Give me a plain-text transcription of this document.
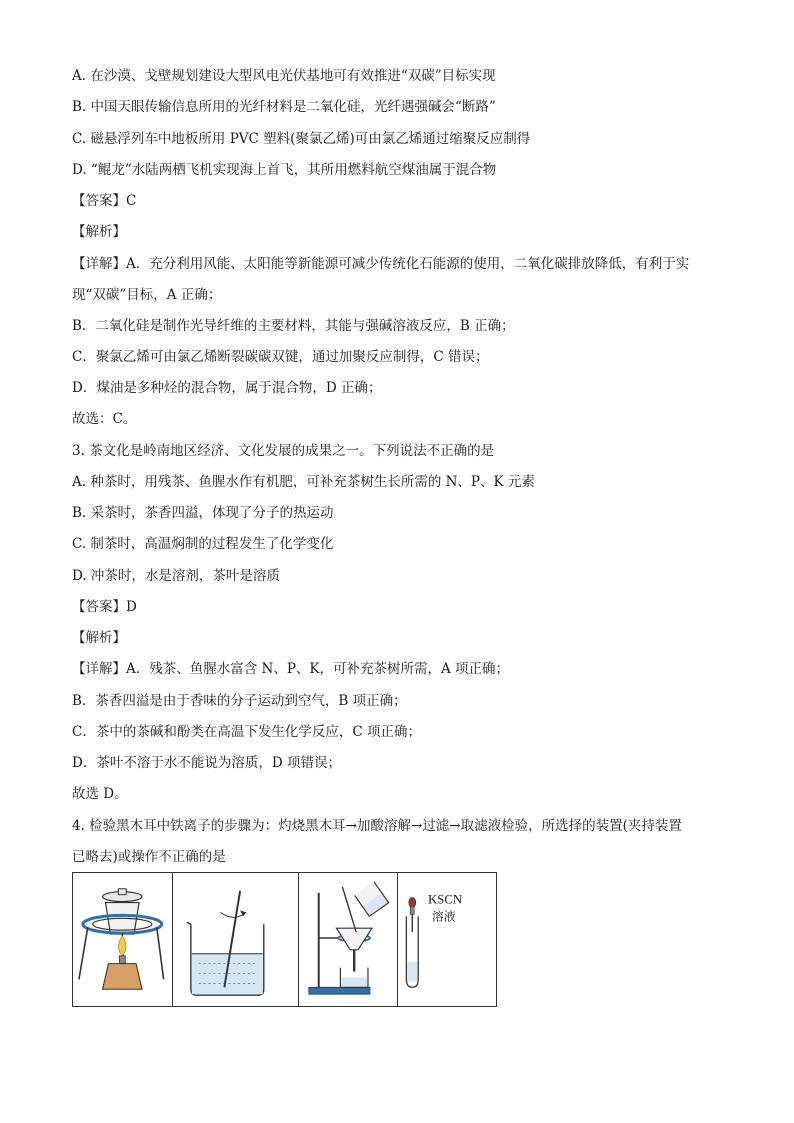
A. 在沙漠、戈壁规划建设大型风电光伏基地可有效推进“双碳”目标实现
B. 中国天眼传输信息所用的光纤材料是二氧化硅，光纤遇强碱会“断路”
C. 磁悬浮列车中地板所用 PVC 塑料(聚氯乙烯)可由氯乙烯通过缩聚反应制得
D. “鲲龙”水陆两栖飞机实现海上首飞，其所用燃料航空煤油属于混合物
【答案】C
【解析】
【详解】A．充分利用风能、太阳能等新能源可减少传统化石能源的使用，二氧化碳排放降低，有利于实
现“双碳”目标，A 正确；
B．二氧化硅是制作光导纤维的主要材料，其能与强碱溶液反应，B 正确；
C．聚氯乙烯可由氯乙烯断裂碳碳双键，通过加聚反应制得，C 错误；
D．煤油是多种烃的混合物，属于混合物，D 正确；
故选：C。
3. 茶文化是岭南地区经济、文化发展的成果之一。下列说法不正确的是
A. 种茶时，用残茶、鱼腥水作有机肥，可补充茶树生长所需的 N、P、K 元素
B. 采茶时，茶香四溢，体现了分子的热运动
C. 制茶时，高温焖制的过程发生了化学变化
D. 冲茶时，水是溶剂，茶叶是溶质
【答案】D
【解析】
【详解】A．残茶、鱼腥水富含 N、P、K，可补充茶树所需，A 项正确；
B．茶香四溢是由于香味的分子运动到空气，B 项正确；
C．茶中的茶碱和酚类在高温下发生化学反应，C 项正确；
D．茶叶不溶于水不能说为溶质，D 项错误；
故选 D。
4. 检验黑木耳中铁离子的步骤为：灼烧黑木耳→加酸溶解→过滤→取滤液检验，所选择的装置(夹持装置
已略去)或操作不正确的是
KSCN
溶液
